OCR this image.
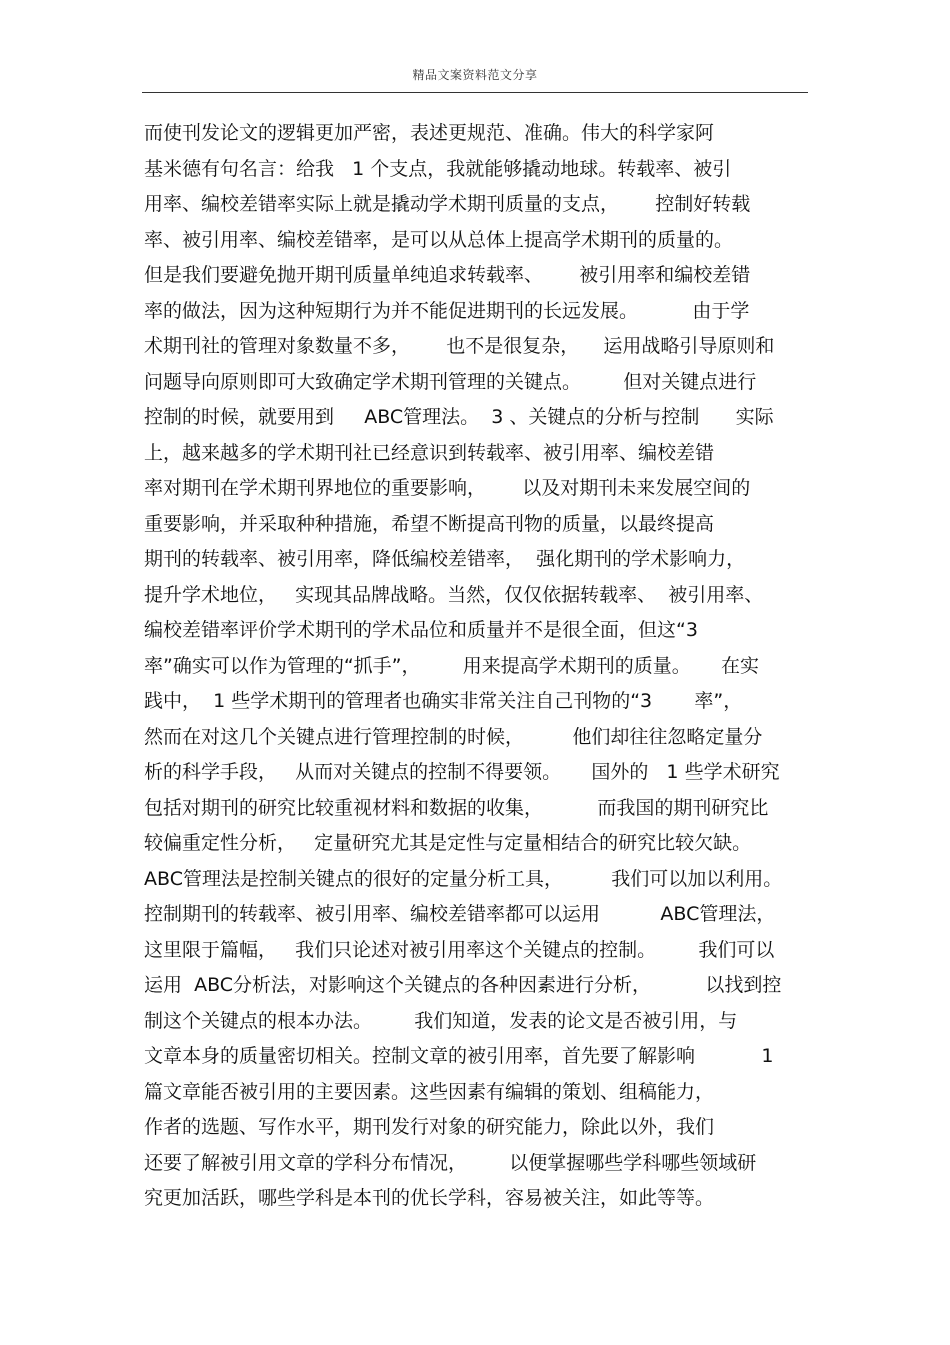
精品文案资料范文分享
而使刊发论文的逻辑更加严密，表述更规范、准确。伟大的科学家阿
基米德有句名言：给我   1 个支点，我就能够撬动地球。转载率、被引
用率、编校差错率实际上就是撬动学术期刊质量的支点，      控制好转载
率、被引用率、编校差错率，是可以从总体上提高学术期刊的质量的。
但是我们要避免抛开期刊质量单纯追求转载率、      被引用率和编校差错
率的做法，因为这种短期行为并不能促进期刊的长远发展。         由于学
术期刊社的管理对象数量不多，      也不是很复杂，    运用战略引导原则和
问题导向原则即可大致确定学术期刊管理的关键点。       但对关键点进行
控制的时候，就要用到     ABC管理法。  3 、关键点的分析与控制      实际
上，越来越多的学术期刊社已经意识到转载率、被引用率、编校差错
率对期刊在学术期刊界地位的重要影响，      以及对期刊未来发展空间的
重要影响，并采取种种措施，希望不断提高刊物的质量，以最终提高
期刊的转载率、被引用率，降低编校差错率，  强化期刊的学术影响力，
提升学术地位，   实现其品牌战略。当然，仅仅依据转载率、  被引用率、
编校差错率评价学术期刊的学术品位和质量并不是很全面，但这“3
率”确实可以作为管理的“抓手”，       用来提高学术期刊的质量。     在实
践中，  1 些学术期刊的管理者也确实非常关注自己刊物的“3       率”，
然而在对这几个关键点进行管理控制的时候，        他们却往往忽略定量分
析的科学手段，   从而对关键点的控制不得要领。     国外的   1 些学术研究
包括对期刊的研究比较重视材料和数据的收集，         而我国的期刊研究比
较偏重定性分析，   定量研究尤其是定性与定量相结合的研究比较欠缺。
ABC管理法是控制关键点的很好的定量分析工具，        我们可以加以利用。
控制期刊的转载率、被引用率、编校差错率都可以运用          ABC管理法，
这里限于篇幅，   我们只论述对被引用率这个关键点的控制。       我们可以
运用  ABC分析法，对影响这个关键点的各种因素进行分析，         以找到控
制这个关键点的根本办法。       我们知道，发表的论文是否被引用，与
文章本身的质量密切相关。控制文章的被引用率，首先要了解影响           1
篇文章能否被引用的主要因素。这些因素有编辑的策划、组稿能力，
作者的选题、写作水平，期刊发行对象的研究能力，除此以外，我们
还要了解被引用文章的学科分布情况，       以便掌握哪些学科哪些领域研
究更加活跃，哪些学科是本刊的优长学科，容易被关注，如此等等。
